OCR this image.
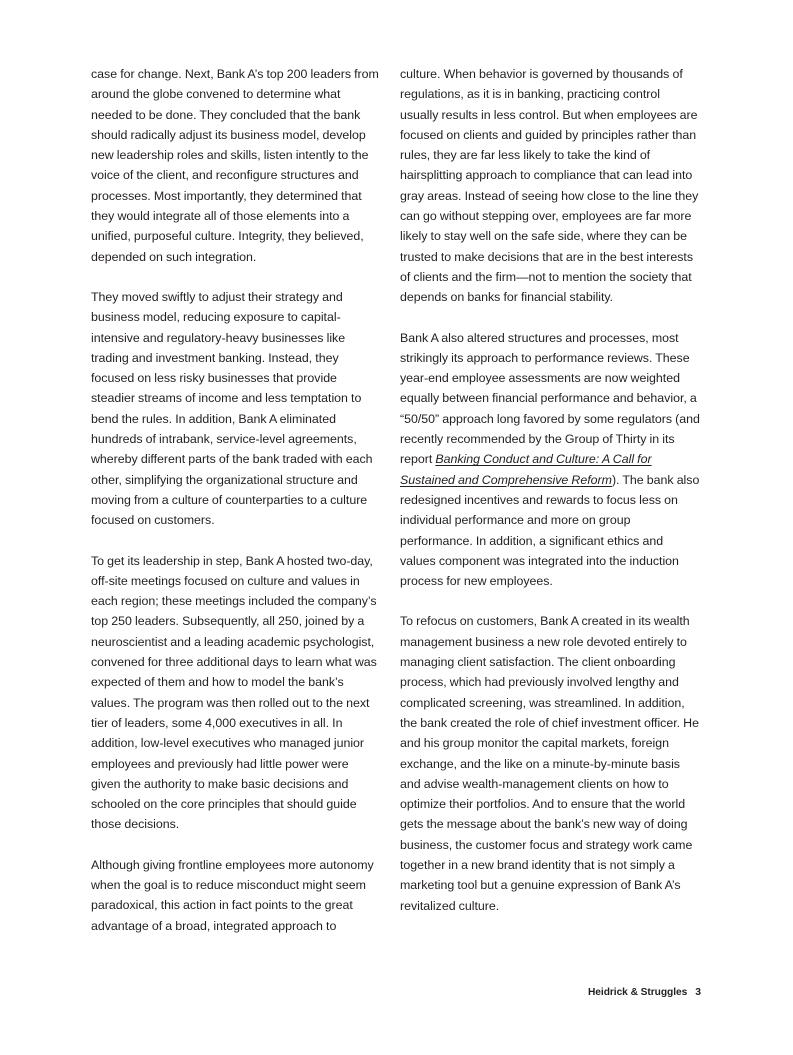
case for change. Next, Bank A’s top 200 leaders from around the globe convened to determine what needed to be done. They concluded that the bank should radically adjust its business model, develop new leadership roles and skills, listen intently to the voice of the client, and reconfigure structures and processes. Most importantly, they determined that they would integrate all of those elements into a unified, purposeful culture. Integrity, they believed, depended on such integration.

They moved swiftly to adjust their strategy and business model, reducing exposure to capital-intensive and regulatory-heavy businesses like trading and investment banking. Instead, they focused on less risky businesses that provide steadier streams of income and less temptation to bend the rules. In addition, Bank A eliminated hundreds of intrabank, service-level agreements, whereby different parts of the bank traded with each other, simplifying the organizational structure and moving from a culture of counterparties to a culture focused on customers.

To get its leadership in step, Bank A hosted two-day, off-site meetings focused on culture and values in each region; these meetings included the company’s top 250 leaders. Subsequently, all 250, joined by a neuroscientist and a leading academic psychologist, convened for three additional days to learn what was expected of them and how to model the bank’s values. The program was then rolled out to the next tier of leaders, some 4,000 executives in all. In addition, low-level executives who managed junior employees and previously had little power were given the authority to make basic decisions and schooled on the core principles that should guide those decisions.

Although giving frontline employees more autonomy when the goal is to reduce misconduct might seem paradoxical, this action in fact points to the great advantage of a broad, integrated approach to

culture. When behavior is governed by thousands of regulations, as it is in banking, practicing control usually results in less control. But when employees are focused on clients and guided by principles rather than rules, they are far less likely to take the kind of hairsplitting approach to compliance that can lead into gray areas. Instead of seeing how close to the line they can go without stepping over, employees are far more likely to stay well on the safe side, where they can be trusted to make decisions that are in the best interests of clients and the firm—not to mention the society that depends on banks for financial stability.

Bank A also altered structures and processes, most strikingly its approach to performance reviews. These year-end employee assessments are now weighted equally between financial performance and behavior, a “50/50” approach long favored by some regulators (and recently recommended by the Group of Thirty in its report Banking Conduct and Culture: A Call for Sustained and Comprehensive Reform). The bank also redesigned incentives and rewards to focus less on individual performance and more on group performance. In addition, a significant ethics and values component was integrated into the induction process for new employees.

To refocus on customers, Bank A created in its wealth management business a new role devoted entirely to managing client satisfaction. The client onboarding process, which had previously involved lengthy and complicated screening, was streamlined. In addition, the bank created the role of chief investment officer. He and his group monitor the capital markets, foreign exchange, and the like on a minute-by-minute basis and advise wealth-management clients on how to optimize their portfolios. And to ensure that the world gets the message about the bank’s new way of doing business, the customer focus and strategy work came together in a new brand identity that is not simply a marketing tool but a genuine expression of Bank A’s revitalized culture.

Heidrick & Struggles 3
